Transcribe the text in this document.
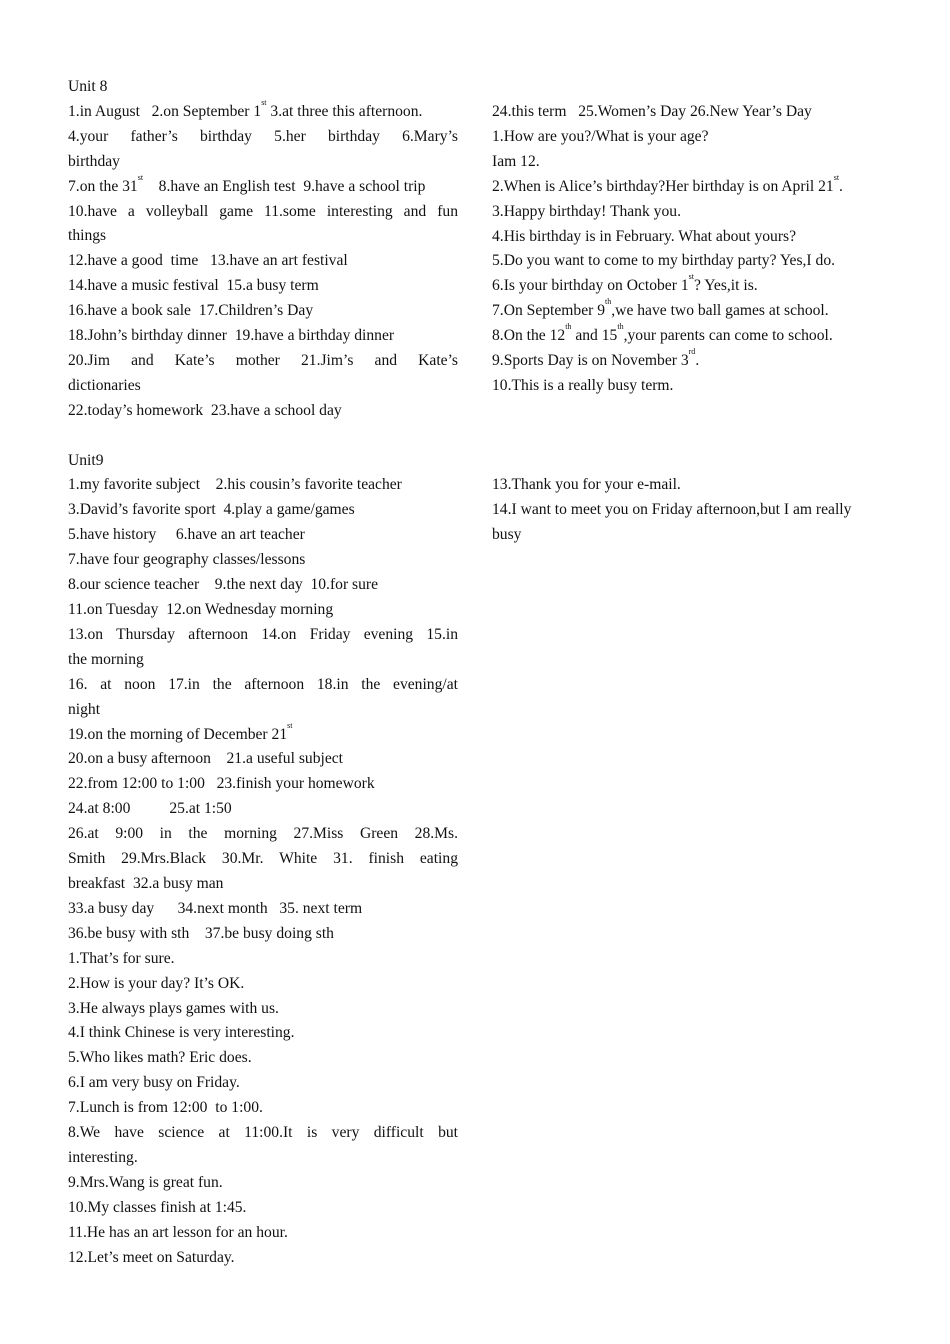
Unit 8
1.in August   2.on September 1st 3.at three this afternoon.
4.your father’s birthday 5.her birthday 6.Mary’s
birthday
7.on the 31st    8.have an English test  9.have a school trip
10.have a volleyball game 11.some interesting and fun
things
12.have a good  time   13.have an art festival
14.have a music festival  15.a busy term
16.have a book sale  17.Children’s Day
18.John’s birthday dinner  19.have a birthday dinner
20.Jim and Kate’s mother 21.Jim’s and Kate’s
dictionaries
22.today’s homework  23.have a school day
Unit9
1.my favorite subject    2.his cousin’s favorite teacher
3.David’s favorite sport  4.play a game/games
5.have history     6.have an art teacher
7.have four geography classes/lessons
8.our science teacher    9.the next day  10.for sure
11.on Tuesday  12.on Wednesday morning
13.on Thursday afternoon 14.on Friday evening 15.in
the morning
16. at noon 17.in the afternoon 18.in the evening/at
night
19.on the morning of December 21st
20.on a busy afternoon    21.a useful subject
22.from 12:00 to 1:00   23.finish your homework
24.at 8:00          25.at 1:50
26.at 9:00 in the morning 27.Miss Green 28.Ms.
Smith 29.Mrs.Black 30.Mr. White 31. finish eating
breakfast  32.a busy man
33.a busy day      34.next month   35. next term
36.be busy with sth    37.be busy doing sth
1.That’s for sure.
2.How is your day? It’s OK.
3.He always plays games with us.
4.I think Chinese is very interesting.
5.Who likes math? Eric does.
6.I am very busy on Friday.
7.Lunch is from 12:00  to 1:00.
8.We have science at 11:00.It is very difficult but
interesting.
9.Mrs.Wang is great fun.
10.My classes finish at 1:45.
11.He has an art lesson for an hour.
12.Let’s meet on Saturday.
24.this term   25.Women’s Day 26.New Year’s Day
1.How are you?/What is your age?
Iam 12.
2.When is Alice’s birthday?Her birthday is on April 21st.
3.Happy birthday! Thank you.
4.His birthday is in February. What about yours?
5.Do you want to come to my birthday party? Yes,I do.
6.Is your birthday on October 1st? Yes,it is.
7.On September 9th,we have two ball games at school.
8.On the 12th and 15th,your parents can come to school.
9.Sports Day is on November 3rd.
10.This is a really busy term.
13.Thank you for your e-mail.
14.I want to meet you on Friday afternoon,but I am really
busy
